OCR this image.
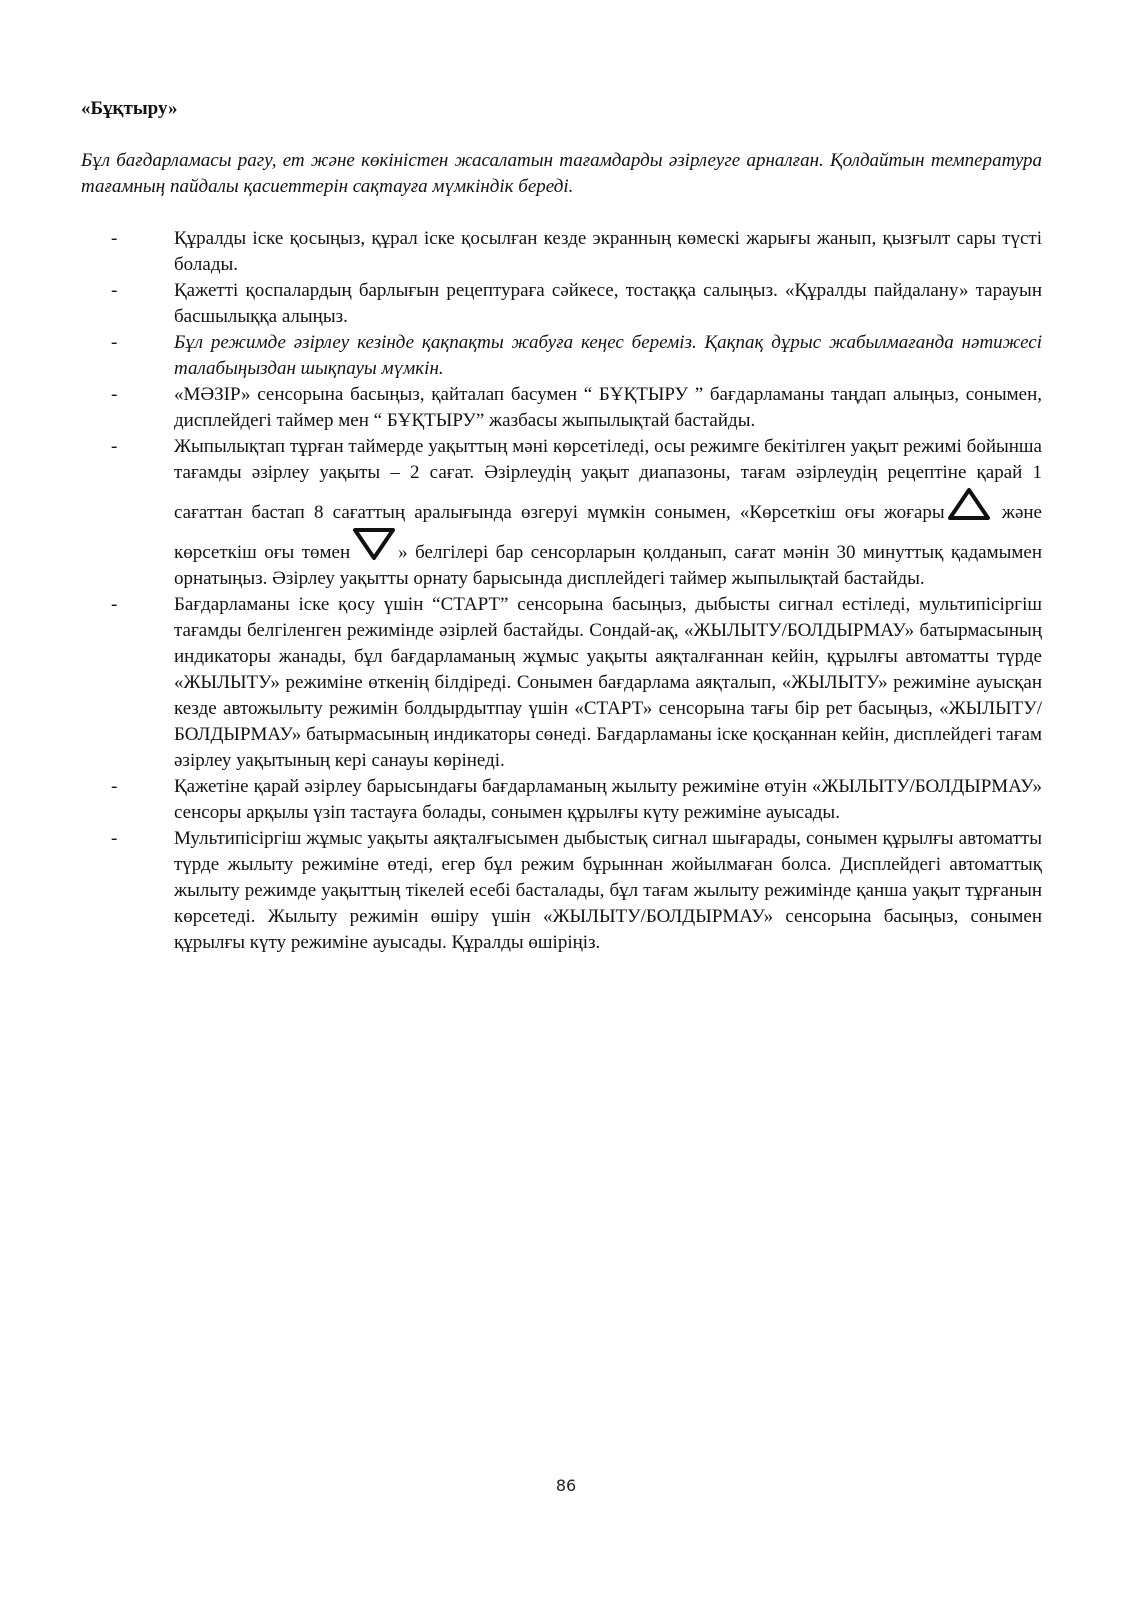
«Бұқтыру»
Бұл бағдарламасы рагу, ет және көкіністен жасалатын тағамдарды әзірлеуге арналған. Қолдайтын температура тағамның пайдалы қасиеттерін сақтауға мүмкіндік береді.
-	Құралды іске қосыңыз, құрал іске қосылған кезде экранның көмескі жарығы жанып, қызғылт сары түсті болады.
-	Қажетті қоспалардың барлығын рецептураға сәйкесе, тостаққа салыңыз. «Құралды пайдалану» тарауын басшылыққа алыңыз.
-	Бұл режимде әзірлеу кезінде қақпақты жабуға кеңес береміз. Қақпақ дұрыс жабылмағанда нәтижесі талабыңыздан шықпауы мүмкін.
-	«МӘЗІР» сенсорына басыңыз, қайталап басумен “ БҰҚТЫРУ ” бағдарламаны таңдап алыңыз, сонымен, дисплейдегі таймер мен “ БҰҚТЫРУ” жазбасы жыпылықтай бастайды.
-	Жыпылықтап тұрған таймерде уақыттың мәні көрсетіледі, осы режимге бекітілген уақыт режимі бойынша тағамды әзірлеу уақыты – 2 сағат. Әзірлеудің уақыт диапазоны, тағам әзірлеудің рецептіне қарай 1 сағаттан бастап 8 сағаттың аралығында өзгеруі мүмкін сонымен, «Көрсеткіш оғы жоғары	және көрсеткіш оғы төмен	» белгілері бар сенсорларын қолданып, сағат мәнін 30 минуттық қадамымен орнатыңыз. Әзірлеу уақытты орнату барысында дисплейдегі таймер жыпылықтай бастайды.
-	Бағдарламаны іске қосу үшін “СТАРТ” сенсорына басыңыз, дыбысты сигнал естіледі, мультипісіргіш тағамды белгіленген режимінде әзірлей бастайды. Сондай-ақ, «ЖЫЛЫТУ/БОЛДЫРМАУ» батырмасының индикаторы жанады, бұл бағдарламаның жұмыс уақыты аяқталғаннан кейін, құрылғы автоматты түрде «ЖЫЛЫТУ» режиміне өткенің білдіреді. Сонымен бағдарлама аяқталып, «ЖЫЛЫТУ» режиміне ауысқан кезде автожылыту режимін болдырдытпау үшін «СТАРТ» сенсорына тағы бір рет басыңыз, «ЖЫЛЫТУ/БОЛДЫРМАУ» батырмасының индикаторы сөнеді. Бағдарламаны іске қосқаннан кейін, дисплейдегі тағам әзірлеу уақытының кері санауы көрінеді.
-	Қажетіне қарай әзірлеу барысындағы бағдарламаның жылыту режиміне өтуін «ЖЫЛЫТУ/БОЛДЫРМАУ» сенсоры арқылы үзіп тастауға болады, сонымен құрылғы күту режиміне ауысады.
-	Мультипісіргіш жұмыс уақыты аяқталғысымен дыбыстық сигнал шығарады, сонымен құрылғы автоматты түрде жылыту режиміне өтеді, егер бұл режим бұрыннан жойылмаған болса. Дисплейдегі автоматтық жылыту режимде уақыттың тікелей есебі басталады, бұл тағам жылыту режимінде қанша уақыт тұрғанын көрсетеді. Жылыту режимін өшіру үшін «ЖЫЛЫТУ/БОЛДЫРМАУ» сенсорына басыңыз, сонымен құрылғы күту режиміне ауысады. Құралды өшіріңіз.
86
